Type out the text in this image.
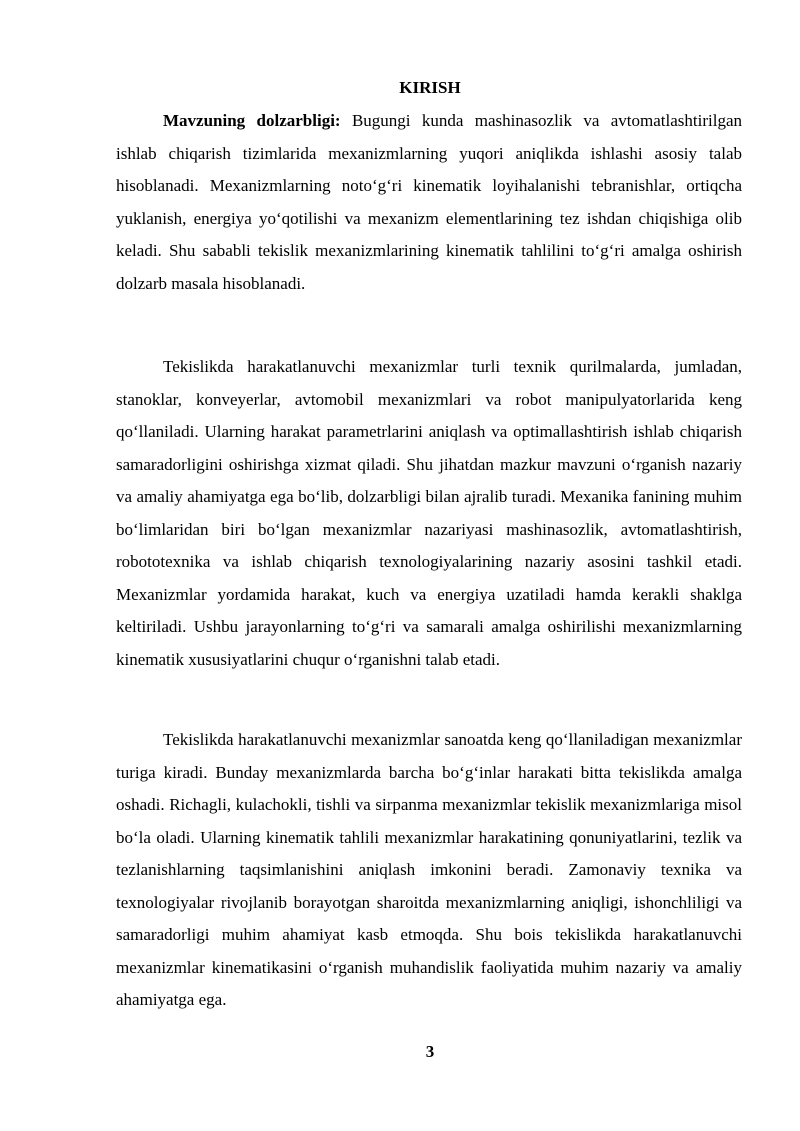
KIRISH

Mavzuning dolzarbligi: Bugungi kunda mashinasozlik va avtomatlashtirilgan ishlab chiqarish tizimlarida mexanizmlarning yuqori aniqlikda ishlashi asosiy talab hisoblanadi. Mexanizmlarning noto‘g‘ri kinematik loyihalanishi tebranishlar, ortiqcha yuklanish, energiya yo‘qotilishi va mexanizm elementlarining tez ishdan chiqishiga olib keladi. Shu sababli tekislik mexanizmlarining kinematik tahlilini to‘g‘ri amalga oshirish dolzarb masala hisoblanadi.

Tekislikda harakatlanuvchi mexanizmlar turli texnik qurilmalarda, jumladan, stanoklar, konveyerlar, avtomobil mexanizmlari va robot manipulyatorlarida keng qo‘llaniladi. Ularning harakat parametrlarini aniqlash va optimallashtirish ishlab chiqarish samaradorligini oshirishga xizmat qiladi. Shu jihatdan mazkur mavzuni o‘rganish nazariy va amaliy ahamiyatga ega bo‘lib, dolzarbligi bilan ajralib turadi. Mexanika fanining muhim bo‘limlaridan biri bo‘lgan mexanizmlar nazariyasi mashinasozlik, avtomatlashtirish, robototexnika va ishlab chiqarish texnologiyalarining nazariy asosini tashkil etadi. Mexanizmlar yordamida harakat, kuch va energiya uzatiladi hamda kerakli shaklga keltiriladi. Ushbu jarayonlarning to‘g‘ri va samarali amalga oshirilishi mexanizmlarning kinematik xususiyatlarini chuqur o‘rganishni talab etadi.

Tekislikda harakatlanuvchi mexanizmlar sanoatda keng qo‘llaniladigan mexanizmlar turiga kiradi. Bunday mexanizmlarda barcha bo‘g‘inlar harakati bitta tekislikda amalga oshadi. Richagli, kulachokli, tishli va sirpanma mexanizmlar tekislik mexanizmlariga misol bo‘la oladi. Ularning kinematik tahlili mexanizmlar harakatining qonuniyatlarini, tezlik va tezlanishlarning taqsimlanishini aniqlash imkonini beradi. Zamonaviy texnika va texnologiyalar rivojlanib borayotgan sharoitda mexanizmlarning aniqligi, ishonchliligi va samaradorligi muhim ahamiyat kasb etmoqda. Shu bois tekislikda harakatlanuvchi mexanizmlar kinematikasini o‘rganish muhandislik faoliyatida muhim nazariy va amaliy ahamiyatga ega.

3
